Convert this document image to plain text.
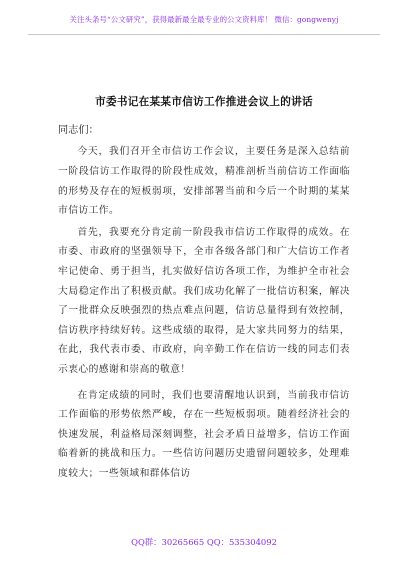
关注头条号“公文研究”，获得最新最全最专业的公文资料库！ 微信：gongwenyj
市委书记在某某市信访工作推进会议上的讲话

同志们：

今天，我们召开全市信访工作会议，主要任务是深入总结前一阶段信访工作取得的阶段性成效，精准剖析当前信访工作面临的形势及存在的短板弱项，安排部署当前和今后一个时期的某某市信访工作。

首先，我要充分肯定前一阶段我市信访工作取得的成效。在市委、市政府的坚强领导下，全市各级各部门和广大信访工作者牢记使命、勇于担当，扎实做好信访各项工作，为维护全市社会大局稳定作出了积极贡献。我们成功化解了一批信访积案，解决了一批群众反映强烈的热点难点问题，信访总量得到有效控制，信访秩序持续好转。这些成绩的取得，是大家共同努力的结果，在此，我代表市委、市政府，向辛勤工作在信访一线的同志们表示衷心的感谢和崇高的敬意！

在肯定成绩的同时，我们也要清醒地认识到，当前我市信访工作面临的形势依然严峻，存在一些短板弱项。随着经济社会的快速发展，利益格局深刻调整，社会矛盾日益增多，信访工作面临着新的挑战和压力。一些信访问题历史遗留问题较多，处理难度较大；一些领域和群体信访

QQ群：30265665 QQ：535304092
